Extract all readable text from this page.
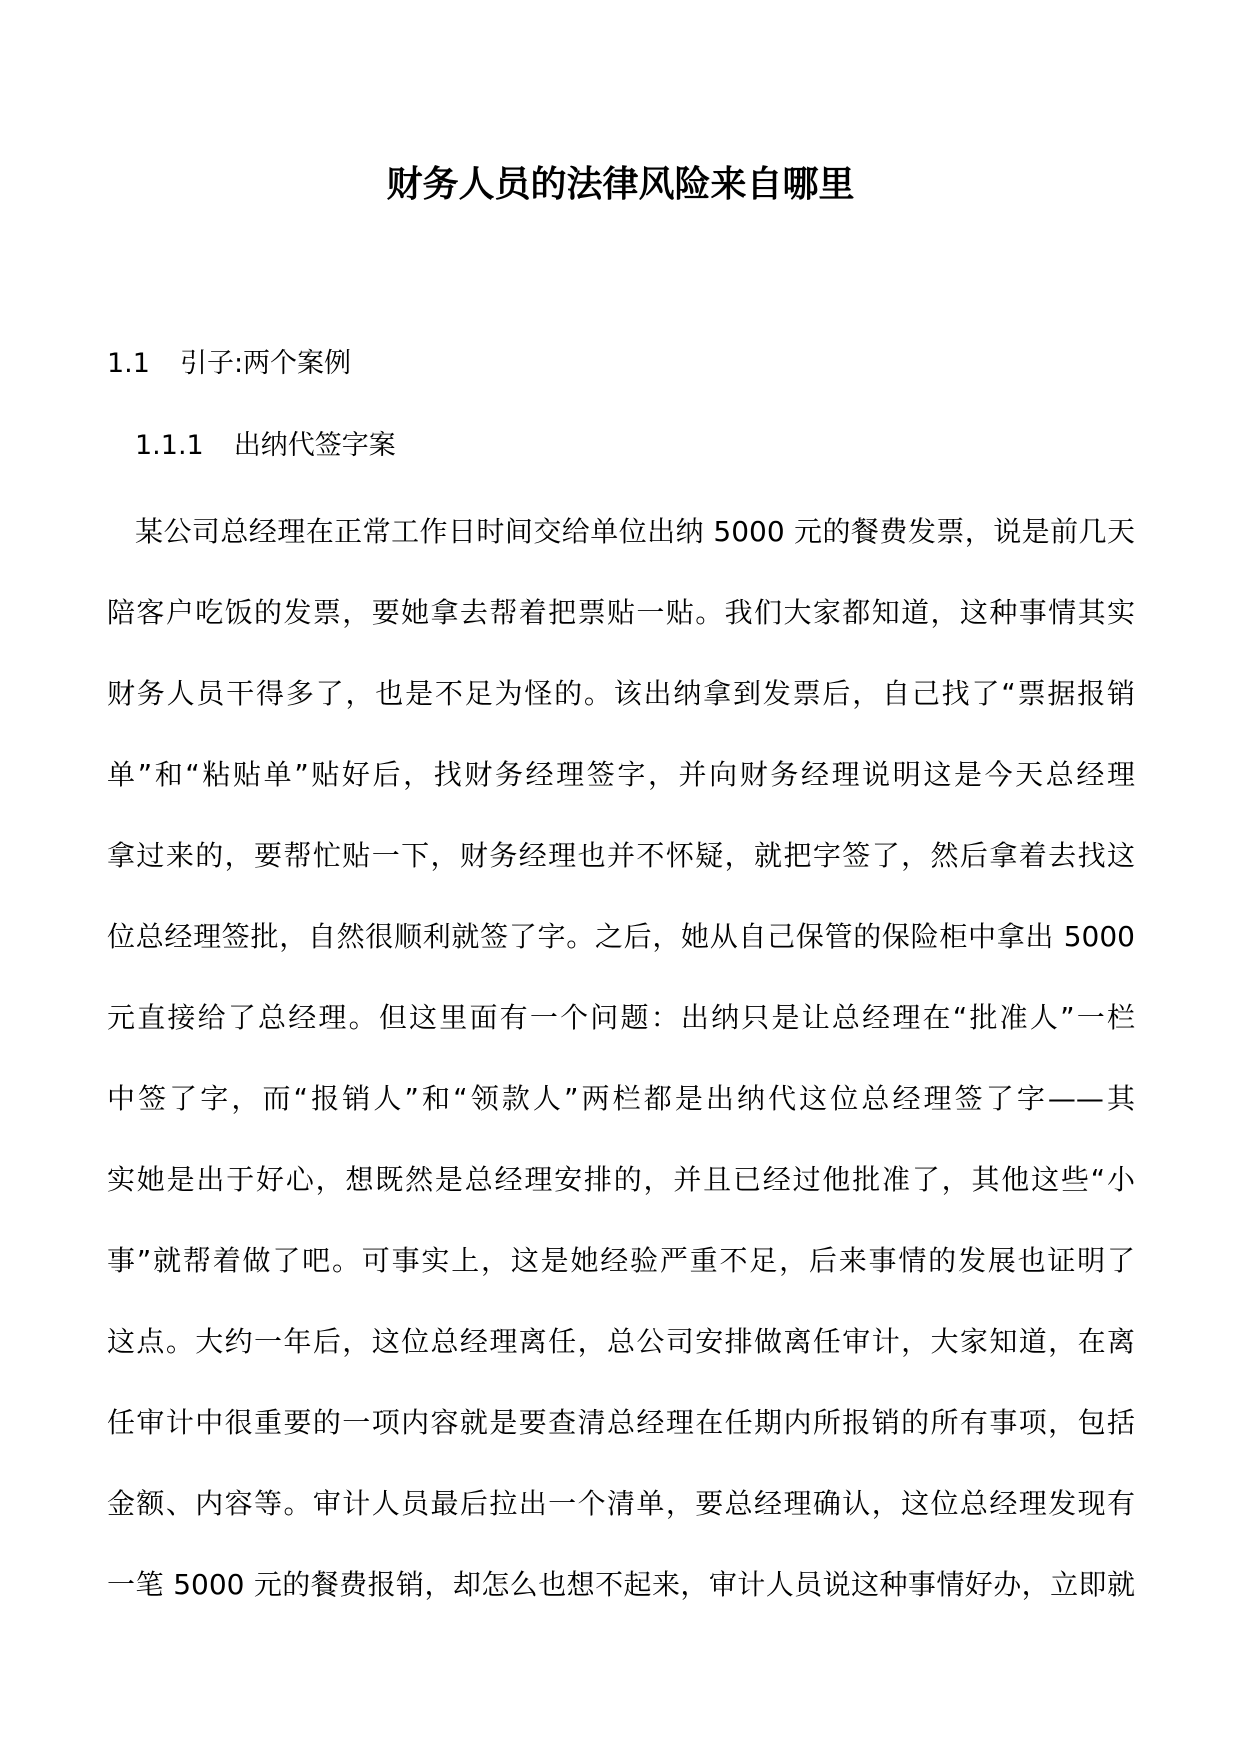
财务人员的法律风险来自哪里
1.1 引子:两个案例
1.1.1 出纳代签字案
某公司总经理在正常工作日时间交给单位出纳 5000 元的餐费发票，说是前几天
陪客户吃饭的发票，要她拿去帮着把票贴一贴。我们大家都知道，这种事情其实
财务人员干得多了，也是不足为怪的。该出纳拿到发票后，自己找了“票据报销
单”和“粘贴单”贴好后，找财务经理签字，并向财务经理说明这是今天总经理
拿过来的，要帮忙贴一下，财务经理也并不怀疑，就把字签了，然后拿着去找这
位总经理签批，自然很顺利就签了字。之后，她从自己保管的保险柜中拿出 5000
元直接给了总经理。但这里面有一个问题：出纳只是让总经理在“批准人”一栏
中签了字，而“报销人”和“领款人”两栏都是出纳代这位总经理签了字——其
实她是出于好心，想既然是总经理安排的，并且已经过他批准了，其他这些“小
事”就帮着做了吧。可事实上，这是她经验严重不足，后来事情的发展也证明了
这点。大约一年后，这位总经理离任，总公司安排做离任审计，大家知道，在离
任审计中很重要的一项内容就是要查清总经理在任期内所报销的所有事项，包括
金额、内容等。审计人员最后拉出一个清单，要总经理确认，这位总经理发现有
一笔 5000 元的餐费报销，却怎么也想不起来，审计人员说这种事情好办，立即就
